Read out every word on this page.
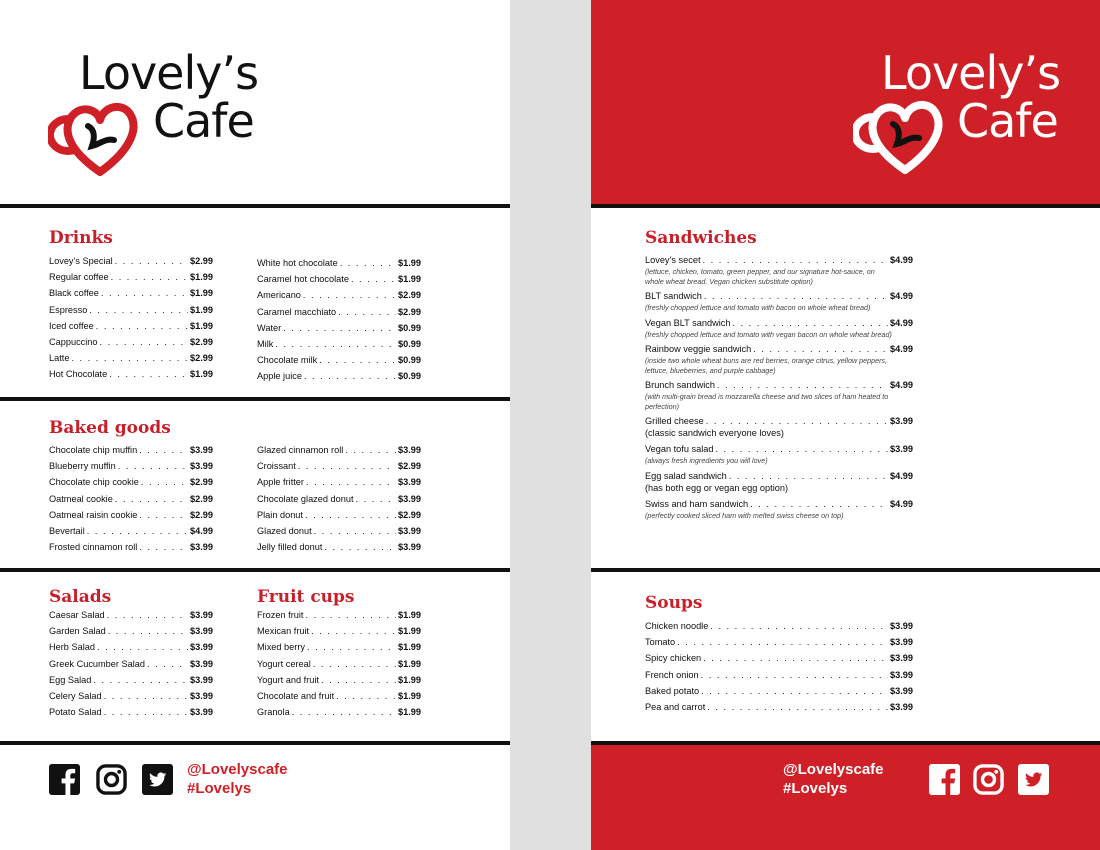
Lovely’s
Cafe
Drinks
Lovey’s Special . . .	$2.99
Regular coffee . . .	$1.99
Black coffee . . .	$1.99
Espresso . . .	$1.99
Iced coffee . . .	$1.99
Cappuccino . . .	$2.99
Latte . . .	$2.99
Hot Chocolate . . .	$1.99
White hot chocolate . . .	$1.99
Caramel hot chocolate . . .	$1.99
Americano . . .	$2.99
Caramel macchiato . . .	$2.99
Water . . .	$0.99
Milk . . .	$0.99
Chocolate milk . . .	$0.99
Apple juice . . .	$0.99
Baked goods
Chocolate chip muffin . . .	$3.99
Blueberry muffin . . .	$3.99
Chocolate chip cookie . . .	$2.99
Oatmeal cookie . . .	$2.99
Oatmeal raisin cookie . . .	$2.99
Bevertail . . .	$4.99
Frosted cinnamon roll . . .	$3.99
Glazed cinnamon roll . . .	$3.99
Croissant . . .	$2.99
Apple fritter . . .	$3.99
Chocolate glazed donut . . .	$3.99
Plain donut . . .	$2.99
Glazed donut . . .	$3.99
Jelly filled donut . . .	$3.99
Salads	Fruit cups
Caesar Salad . . .	$3.99
Garden Salad . . .	$3.99
Herb Salad . . .	$3.99
Greek Cucumber Salad . . .	$3.99
Egg Salad . . .	$3.99
Celery Salad . . .	$3.99
Potato Salad . . .	$3.99
Frozen fruit . . .	$1.99
Mexican fruit . . .	$1.99
Mixed berry . . .	$1.99
Yogurt cereal . . .	$1.99
Yogurt and fruit . . .	$1.99
Chocolate and fruit . . .	$1.99
Granola . . .	$1.99
@Lovelyscafe
#Lovelys
Lovely’s
Cafe
Sandwiches
Lovey’s secet . . .	$4.99
(lettuce, chicken, tomato, green pepper, and our signature hot-sauce, on whole wheat bread. Vegan chicken substitute option)
BLT sandwich . . .	$4.99
(freshly chopped lettuce and tomato with bacon on whole wheat bread)
Vegan BLT sandwich . . .	$4.99
(freshly chopped lettuce and tomato with vegan bacon on whole wheat bread)
Rainbow veggie sandwich . . .	$4.99
(inside two whole wheat buns are red berries, orange citrus, yellow peppers, lettuce, blueberries, and purple cabbage)
Brunch sandwich . . .	$4.99
(with multi-grain bread is mozzarella cheese and two slices of ham heated to perfection)
Grilled cheese . . .	$3.99
(classic sandwich everyone loves)
Vegan tofu salad . . .	$3.99
(always fresh ingredients you will love)
Egg salad sandwich . . .	$4.99
(has both egg or vegan egg option)
Swiss and ham sandwich . . .	$4.99
(perfectly cooked sliced ham with melted swiss cheese on top)
Soups
Chicken noodle . . .	$3.99
Tomato . . .	$3.99
Spicy chicken . . .	$3.99
French onion . . .	$3.99
Baked potato . . .	$3.99
Pea and carrot . . .	$3.99
@Lovelyscafe
#Lovelys
